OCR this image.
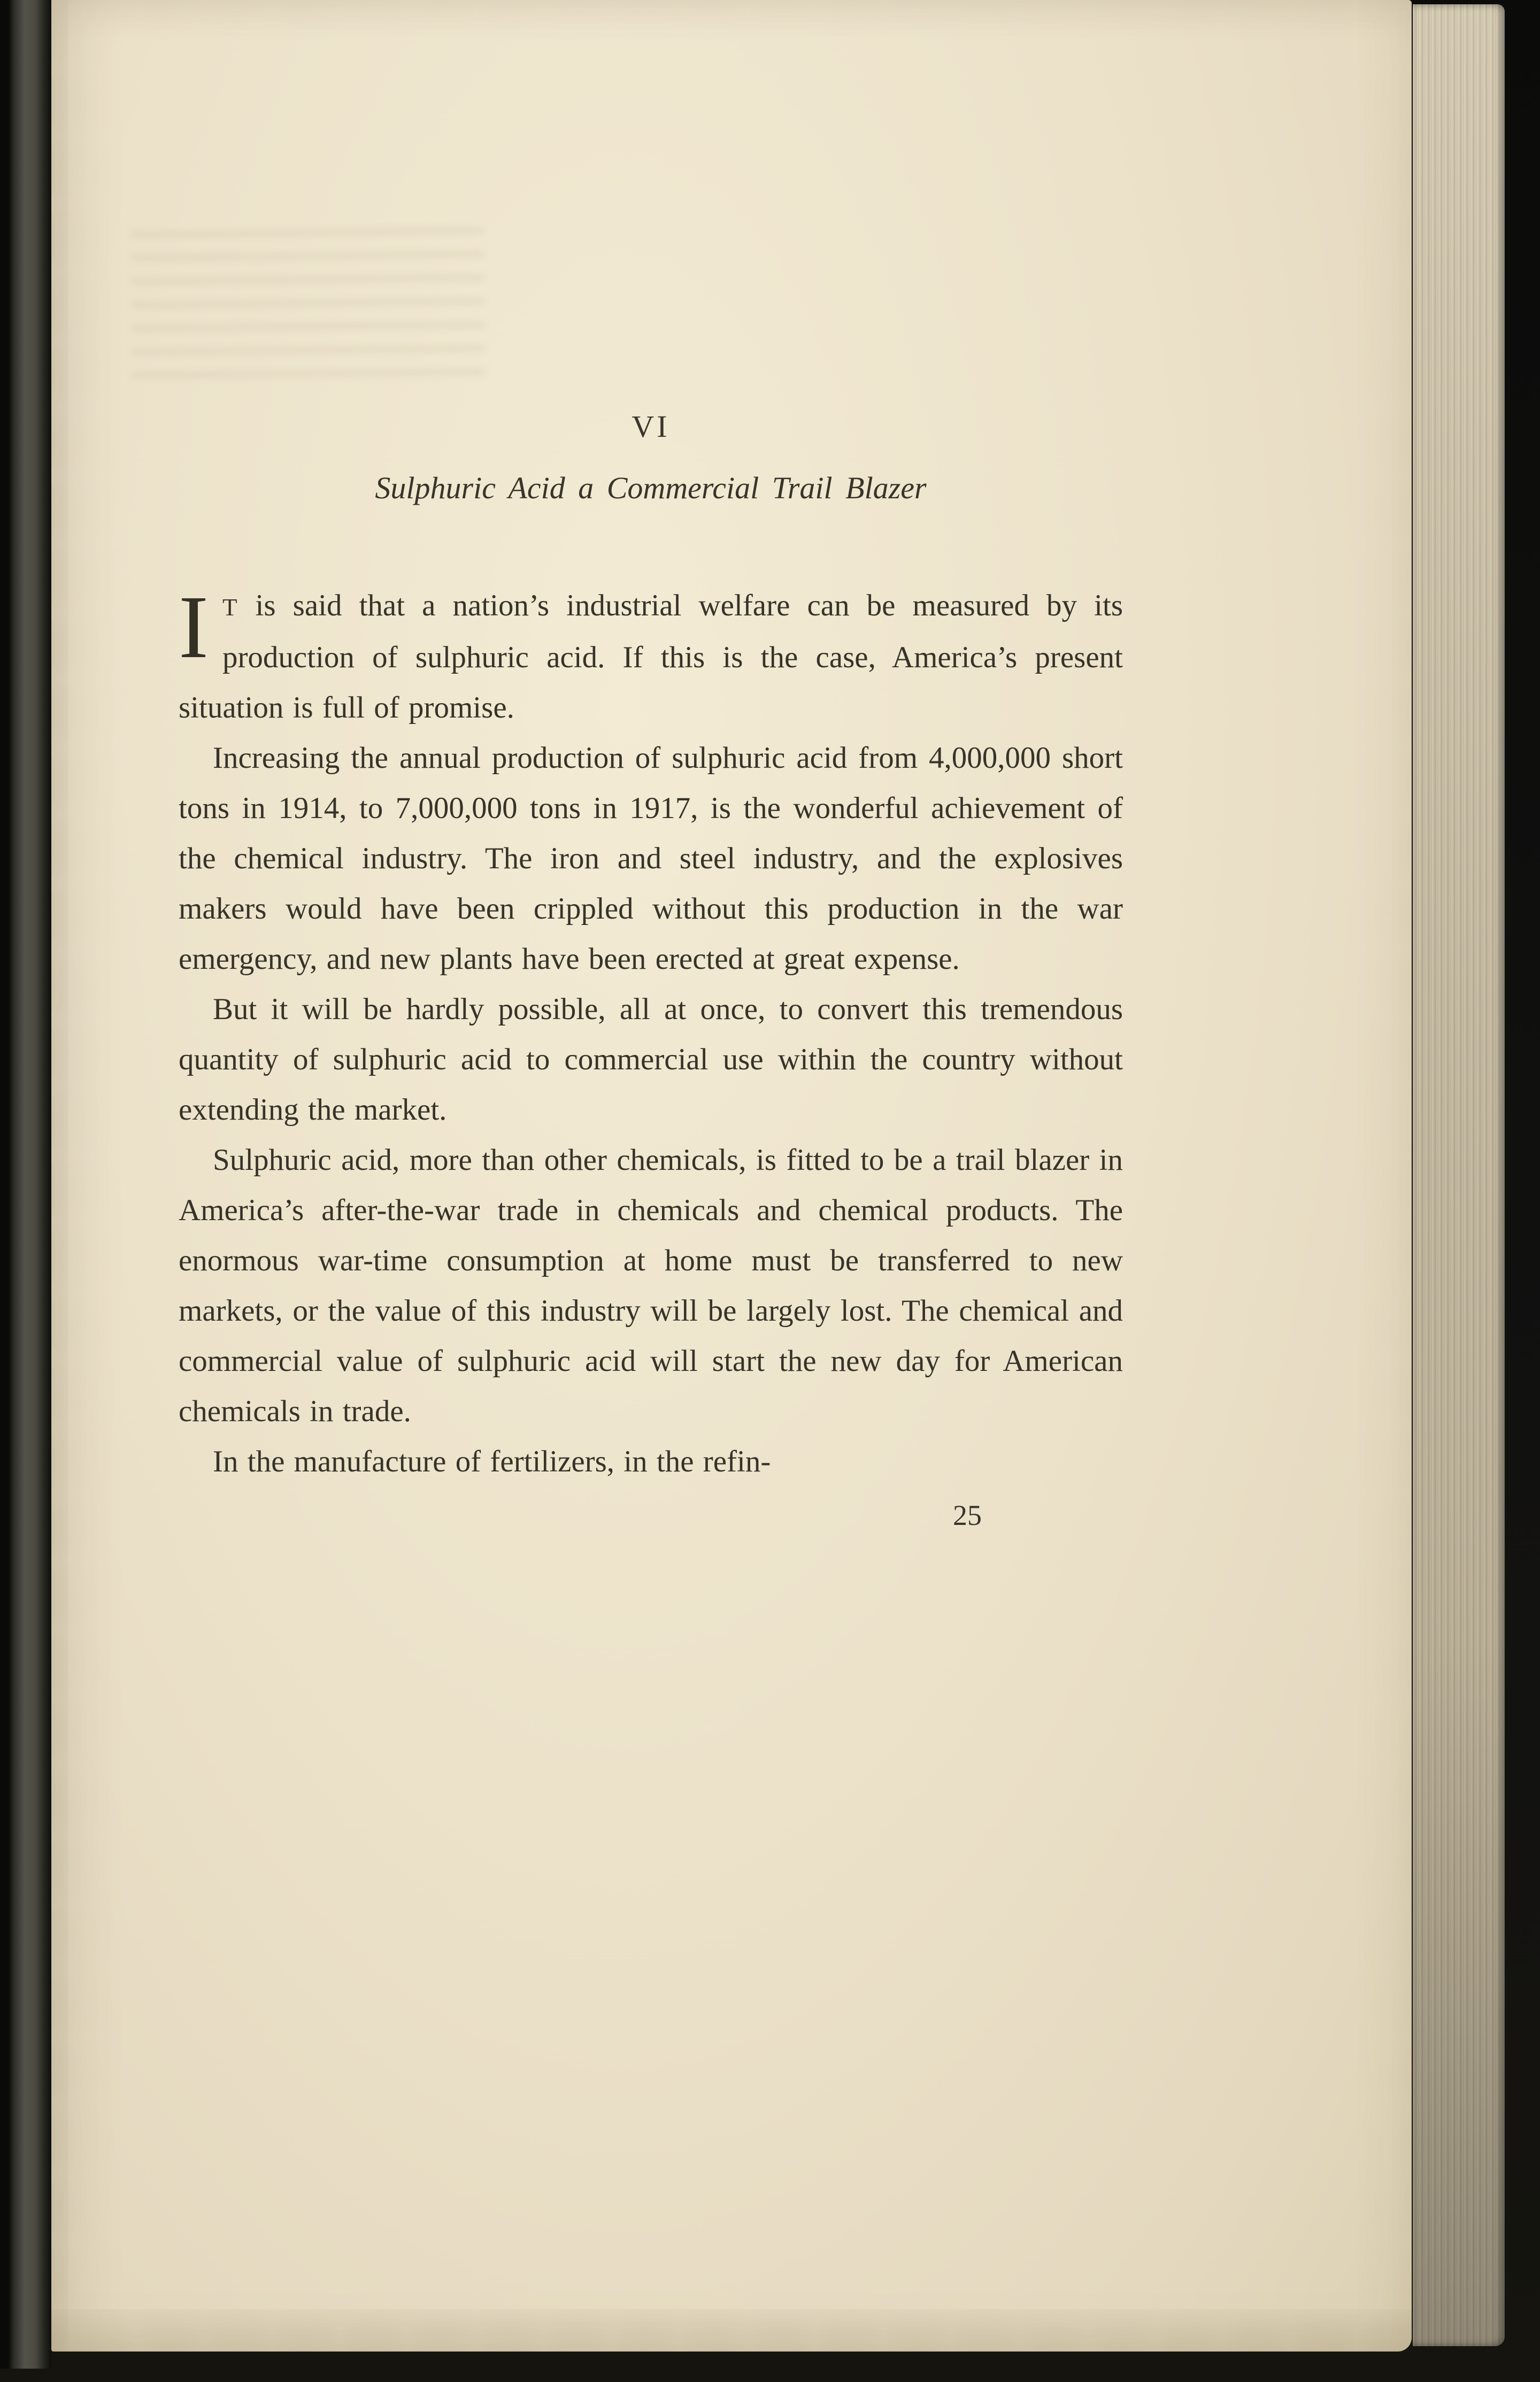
VI
Sulphuric Acid a Commercial Trail Blazer

I T is said that a nation’s industrial welfare can be measured by its production of sulphuric acid. If this is the case, America’s present situation is full of promise.

Increasing the annual production of sulphuric acid from 4,000,000 short tons in 1914, to 7,000,000 tons in 1917, is the wonderful achievement of the chemical industry. The iron and steel industry, and the explosives makers would have been crippled without this production in the war emergency, and new plants have been erected at great expense.

But it will be hardly possible, all at once, to convert this tremendous quantity of sulphuric acid to commercial use within the country without extending the market.

Sulphuric acid, more than other chemicals, is fitted to be a trail blazer in America’s after-the-war trade in chemicals and chemical products. The enormous war-time consumption at home must be transferred to new markets, or the value of this industry will be largely lost. The chemical and commercial value of sulphuric acid will start the new day for American chemicals in trade.

In the manufacture of fertilizers, in the refin-

25
